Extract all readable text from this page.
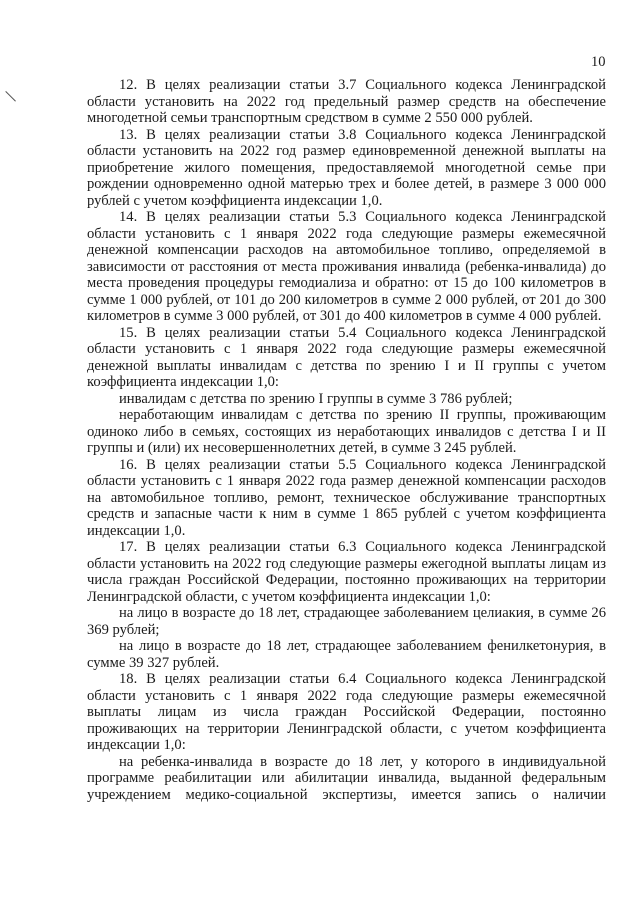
10

12. В целях реализации статьи 3.7 Социального кодекса Ленинградской области установить на 2022 год предельный размер средств на обеспечение многодетной семьи транспортным средством в сумме 2 550 000 рублей.

13. В целях реализации статьи 3.8 Социального кодекса Ленинградской области установить на 2022 год размер единовременной денежной выплаты на приобретение жилого помещения, предоставляемой многодетной семье при рождении одновременно одной матерью трех и более детей, в размере 3 000 000 рублей с учетом коэффициента индексации 1,0.

14. В целях реализации статьи 5.3 Социального кодекса Ленинградской области установить с 1 января 2022 года следующие размеры ежемесячной денежной компенсации расходов на автомобильное топливо, определяемой в зависимости от расстояния от места проживания инвалида (ребенка-инвалида) до места проведения процедуры гемодиализа и обратно: от 15 до 100 километров в сумме 1 000 рублей, от 101 до 200 километров в сумме 2 000 рублей, от 201 до 300 километров в сумме 3 000 рублей, от 301 до 400 километров в сумме 4 000 рублей.

15. В целях реализации статьи 5.4 Социального кодекса Ленинградской области установить с 1 января 2022 года следующие размеры ежемесячной денежной выплаты инвалидам с детства по зрению I и II группы с учетом коэффициента индексации 1,0:

инвалидам с детства по зрению I группы в сумме 3 786 рублей;

неработающим инвалидам с детства по зрению II группы, проживающим одиноко либо в семьях, состоящих из неработающих инвалидов с детства I и II группы и (или) их несовершеннолетних детей, в сумме 3 245 рублей.

16. В целях реализации статьи 5.5 Социального кодекса Ленинградской области установить с 1 января 2022 года размер денежной компенсации расходов на автомобильное топливо, ремонт, техническое обслуживание транспортных средств и запасные части к ним в сумме 1 865 рублей с учетом коэффициента индексации 1,0.

17. В целях реализации статьи 6.3 Социального кодекса Ленинградской области установить на 2022 год следующие размеры ежегодной выплаты лицам из числа граждан Российской Федерации, постоянно проживающих на территории Ленинградской области, с учетом коэффициента индексации 1,0:

на лицо в возрасте до 18 лет, страдающее заболеванием целиакия, в сумме 26 369 рублей;

на лицо в возрасте до 18 лет, страдающее заболеванием фенилкетонурия, в сумме 39 327 рублей.

18. В целях реализации статьи 6.4 Социального кодекса Ленинградской области установить с 1 января 2022 года следующие размеры ежемесячной выплаты лицам из числа граждан Российской Федерации, постоянно проживающих на территории Ленинградской области, с учетом коэффициента индексации 1,0:

на ребенка-инвалида в возрасте до 18 лет, у которого в индивидуальной программе реабилитации или абилитации инвалида, выданной федеральным учреждением медико-социальной экспертизы, имеется запись о наличии
